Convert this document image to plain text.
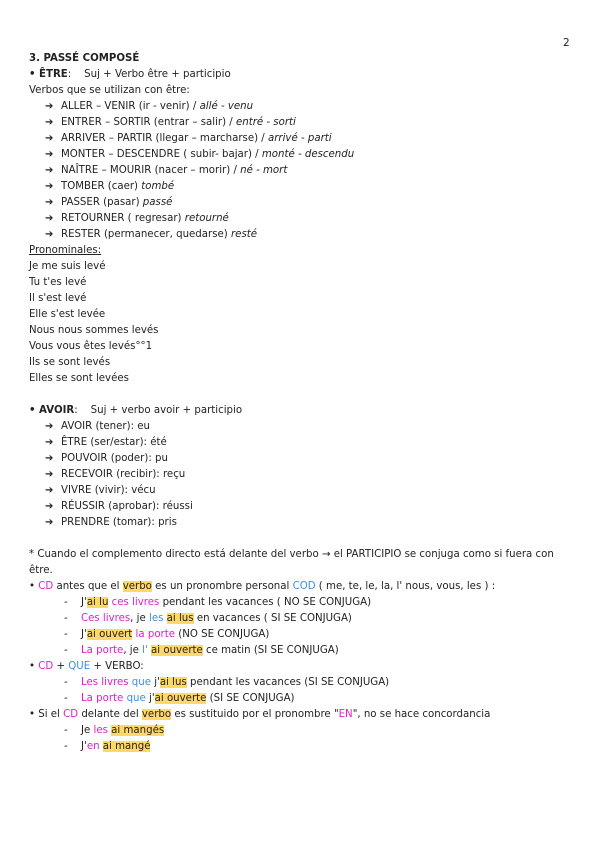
2
3. PASSÉ COMPOSÉ
• ÊTRE:    Suj + Verbo être + participio
Verbos que se utilizan con être:
➔ ALLER – VENIR (ir - venir) / allé - venu
➔ ENTRER – SORTIR (entrar – salir) / entré - sorti
➔ ARRIVER – PARTIR (llegar – marcharse) / arrivé - parti
➔ MONTER – DESCENDRE ( subir- bajar) / monté - descendu
➔ NAÎTRE – MOURIR (nacer – morir) / né - mort
➔ TOMBER (caer) tombé
➔ PASSER (pasar) passé
➔ RETOURNER ( regresar) retourné
➔ RESTER (permanecer, quedarse) resté
Pronominales:
Je me suis levé
Tu t'es levé
Il s'est levé
Elle s'est levée
Nous nous sommes levés
Vous vous êtes levés°°1
Ils se sont levés
Elles se sont levées
• AVOIR:    Suj + verbo avoir + participio
➔ AVOIR (tener): eu
➔ ÊTRE (ser/estar): été
➔ POUVOIR (poder): pu
➔ RECEVOIR (recibir): reçu
➔ VIVRE (vivir): vécu
➔ RÉUSSIR (aprobar): réussi
➔ PRENDRE (tomar): pris
* Cuando el complemento directo está delante del verbo → el PARTICIPIO se conjuga como si fuera con être.
• CD antes que el verbo es un pronombre personal COD ( me, te, le, la, l' nous, vous, les ) :
- J'ai lu ces livres pendant les vacances ( NO SE CONJUGA)
- Ces livres, je les ai lus en vacances ( SI SE CONJUGA)
- J'ai ouvert la porte (NO SE CONJUGA)
- La porte, je l' ai ouverte ce matin (SI SE CONJUGA)
• CD + QUE + VERBO:
- Les livres que j'ai lus pendant les vacances (SI SE CONJUGA)
- La porte que j'ai ouverte (SI SE CONJUGA)
• Si el CD delante del verbo es sustituido por el pronombre "EN", no se hace concordancia
- Je les ai mangés
- J'en ai mangé
